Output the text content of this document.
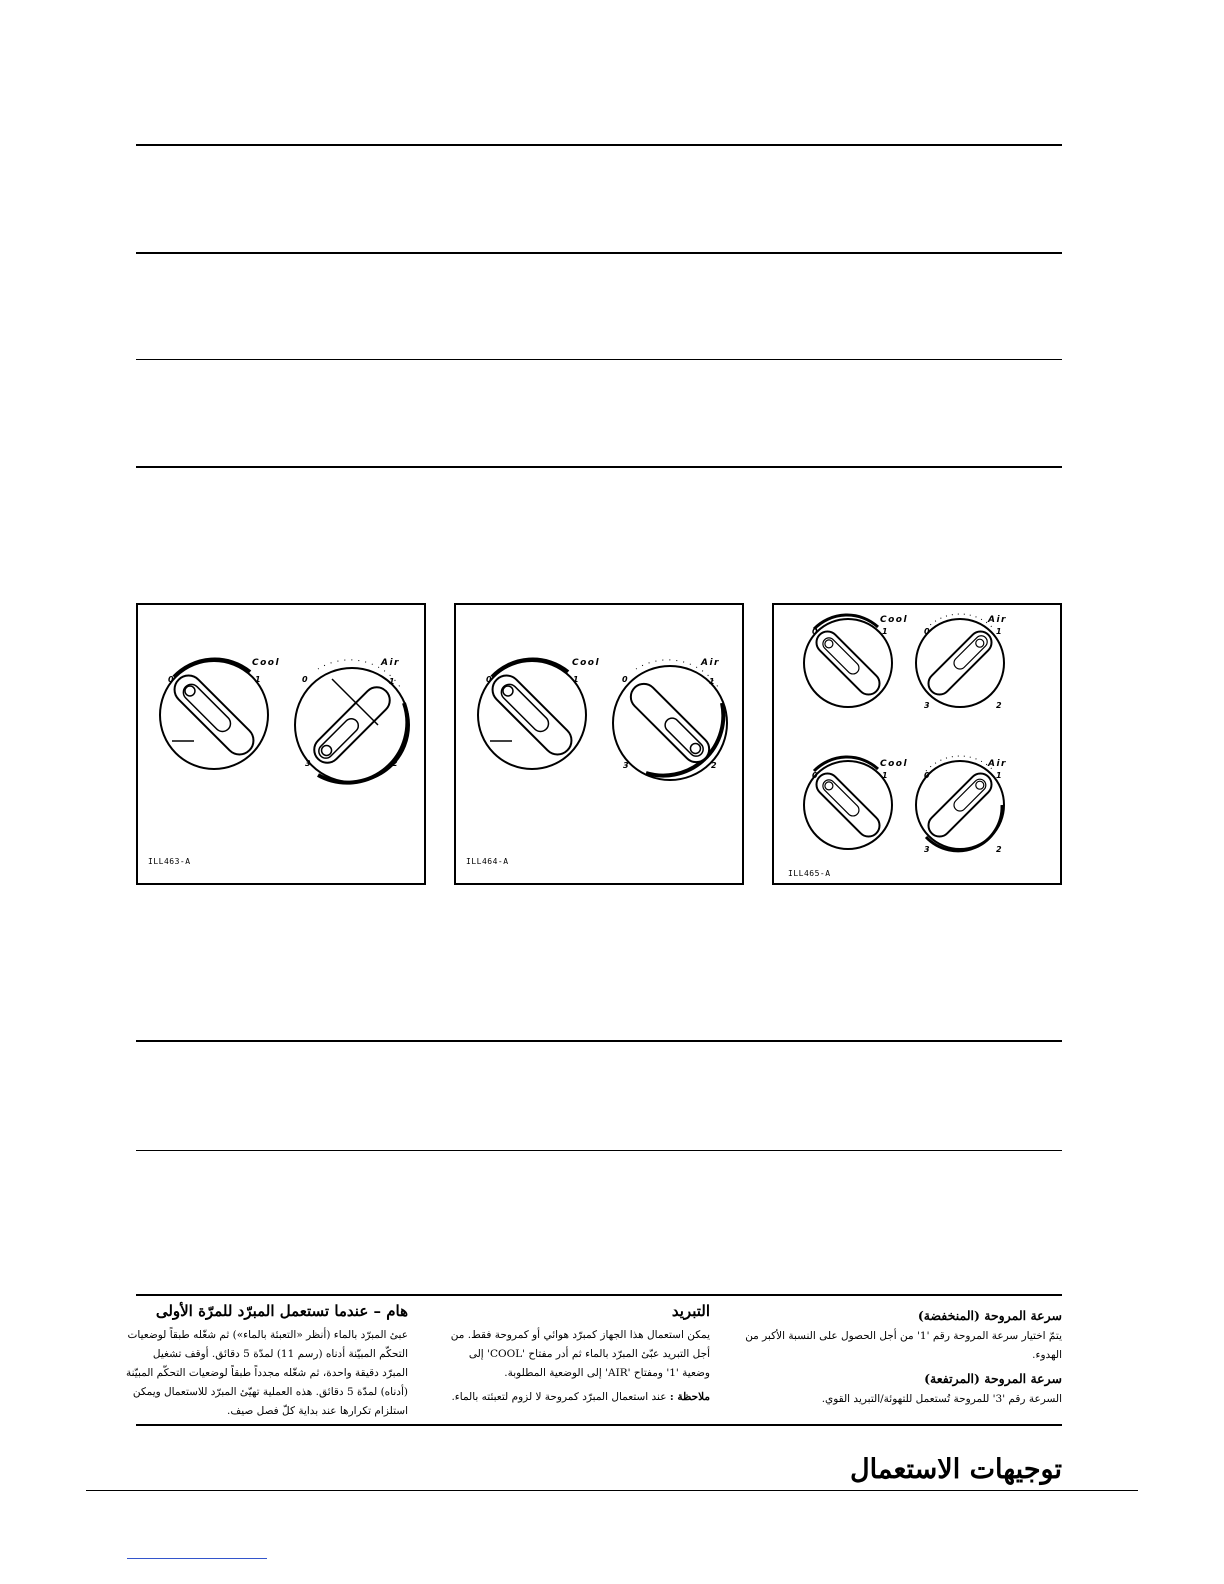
Cool	Air
0	1	0	1
2
3
ILL463-A
Cool	Air
0	1	0	1
2
3
ILL464-A
Cool	Air
0	1	0	1
2
3
Cool	Air
0	1	0	1
2
3
ILL465-A
سرعة المروحة (المنخفضة)

يتمّ اختيار سرعة المروحة رقم '1' من أجل الحصول على النسبة الأكبر من الهدوء.

سرعة المروحة (المرتفعة)

السرعة رقم '3' للمروحة تُستعمل للتهوئة/التبريد القوي.

التبريد

يمكن استعمال هذا الجهاز كمبرّد هوائي أو كمروحة فقط. من أجل التبريد عبّئ المبرّد بالماء ثم أدر مفتاح 'COOL' إلى وضعية '1' ومفتاح 'AIR' إلى الوضعية المطلوبة.

ملاحظة : عند استعمال المبرّد كمروحة لا لزوم لتعبئته بالماء.

هام – عندما تستعمل المبرّد للمرّة الأولى

عبئ المبرّد بالماء (أنظر «التعبئة بالماء») ثم شغّله طبقاً لوضعيات التحكّم المبيّنة أدناه (رسم 11) لمدّة 5 دقائق. أوقف تشغيل المبرّد دقيقة واحدة، ثم شغّله مجدداً طبقاً لوضعيات التحكّم المبيّنة (أدناه) لمدّة 5 دقائق. هذه العملية تهيّئ المبرّد للاستعمال ويمكن استلزام تكرارها عند بداية كلّ فصل صيف.

توجيهات الاستعمال
